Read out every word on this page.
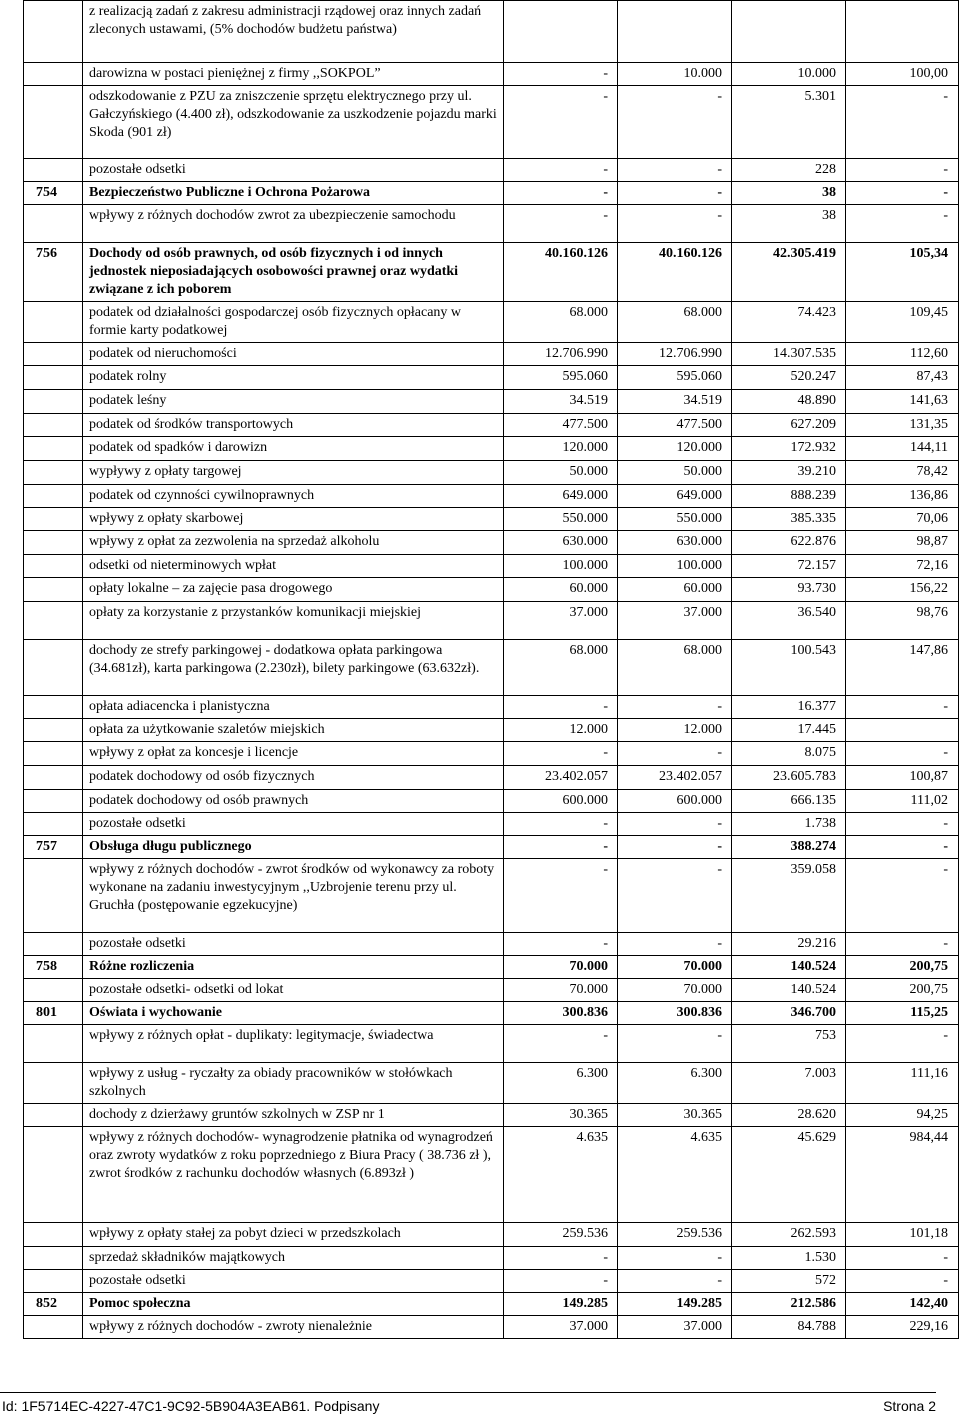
	z realizacją zadań z zakresu administracji rządowej oraz innych zadań zleconych ustawami, (5% dochodów budżetu państwa)				
	darowizna w postaci pieniężnej z firmy ,,SOKPOL”	-	10.000	10.000	100,00
	odszkodowanie z PZU za zniszczenie sprzętu elektrycznego przy ul. Gałczyńskiego (4.400 zł), odszkodowanie za uszkodzenie pojazdu marki Skoda (901 zł)	-	-	5.301	-
	pozostałe odsetki	-	-	228	-
754	Bezpieczeństwo Publiczne i Ochrona Pożarowa	-	-	38	-
	wpływy z różnych dochodów zwrot za ubezpieczenie samochodu	-	-	38	-
756	Dochody od osób prawnych, od osób fizycznych i od innych jednostek nieposiadających osobowości prawnej oraz wydatki związane z ich poborem	40.160.126	40.160.126	42.305.419	105,34
	podatek od działalności gospodarczej osób fizycznych opłacany w formie karty podatkowej	68.000	68.000	74.423	109,45
	podatek od nieruchomości	12.706.990	12.706.990	14.307.535	112,60
	podatek rolny	595.060	595.060	520.247	87,43
	podatek leśny	34.519	34.519	48.890	141,63
	podatek od środków transportowych	477.500	477.500	627.209	131,35
	podatek od spadków i darowizn	120.000	120.000	172.932	144,11
	wypływy z opłaty targowej	50.000	50.000	39.210	78,42
	podatek od czynności cywilnoprawnych	649.000	649.000	888.239	136,86
	wpływy z opłaty skarbowej	550.000	550.000	385.335	70,06
	wpływy z opłat za zezwolenia na sprzedaż alkoholu	630.000	630.000	622.876	98,87
	odsetki od nieterminowych wpłat	100.000	100.000	72.157	72,16
	opłaty lokalne – za zajęcie pasa drogowego	60.000	60.000	93.730	156,22
	opłaty za korzystanie z przystanków komunikacji miejskiej	37.000	37.000	36.540	98,76
	dochody ze strefy parkingowej - dodatkowa opłata parkingowa (34.681zł), karta parkingowa (2.230zł), bilety parkingowe (63.632zł).	68.000	68.000	100.543	147,86
	opłata adiacencka i planistyczna	-	-	16.377	-
	opłata za użytkowanie szaletów miejskich	12.000	12.000	17.445	
	wpływy z opłat za koncesje i licencje	-	-	8.075	-
	podatek dochodowy od osób fizycznych	23.402.057	23.402.057	23.605.783	100,87
	podatek dochodowy od osób prawnych	600.000	600.000	666.135	111,02
	pozostałe odsetki	-	-	1.738	-
757	Obsługa długu publicznego	-	-	388.274	-
	wpływy z różnych dochodów - zwrot środków od wykonawcy za roboty wykonane na zadaniu inwestycyjnym ,,Uzbrojenie terenu przy ul. Gruchła (postępowanie egzekucyjne)	-	-	359.058	-
	pozostałe odsetki	-	-	29.216	-
758	Różne rozliczenia	70.000	70.000	140.524	200,75
	pozostałe odsetki- odsetki od lokat	70.000	70.000	140.524	200,75
801	Oświata i wychowanie	300.836	300.836	346.700	115,25
	wpływy z różnych opłat - duplikaty: legitymacje, świadectwa	-	-	753	-
	wpływy z usług - ryczałty za obiady pracowników w stołówkach szkolnych	6.300	6.300	7.003	111,16
	dochody z dzierżawy gruntów szkolnych w ZSP nr 1	30.365	30.365	28.620	94,25
	wpływy z różnych dochodów- wynagrodzenie płatnika od wynagrodzeń oraz zwroty wydatków z roku poprzedniego z Biura Pracy ( 38.736 zł ), zwrot środków z rachunku dochodów własnych (6.893zł )	4.635	4.635	45.629	984,44
	wpływy z opłaty stałej za pobyt dzieci w przedszkolach	259.536	259.536	262.593	101,18
	sprzedaż składników majątkowych	-	-	1.530	-
	pozostałe odsetki	-	-	572	-
852	Pomoc społeczna	149.285	149.285	212.586	142,40
	wpływy z różnych dochodów - zwroty nienależnie	37.000	37.000	84.788	229,16
Id: 1F5714EC-4227-47C1-9C92-5B904A3EAB61. Podpisany	Strona 2
